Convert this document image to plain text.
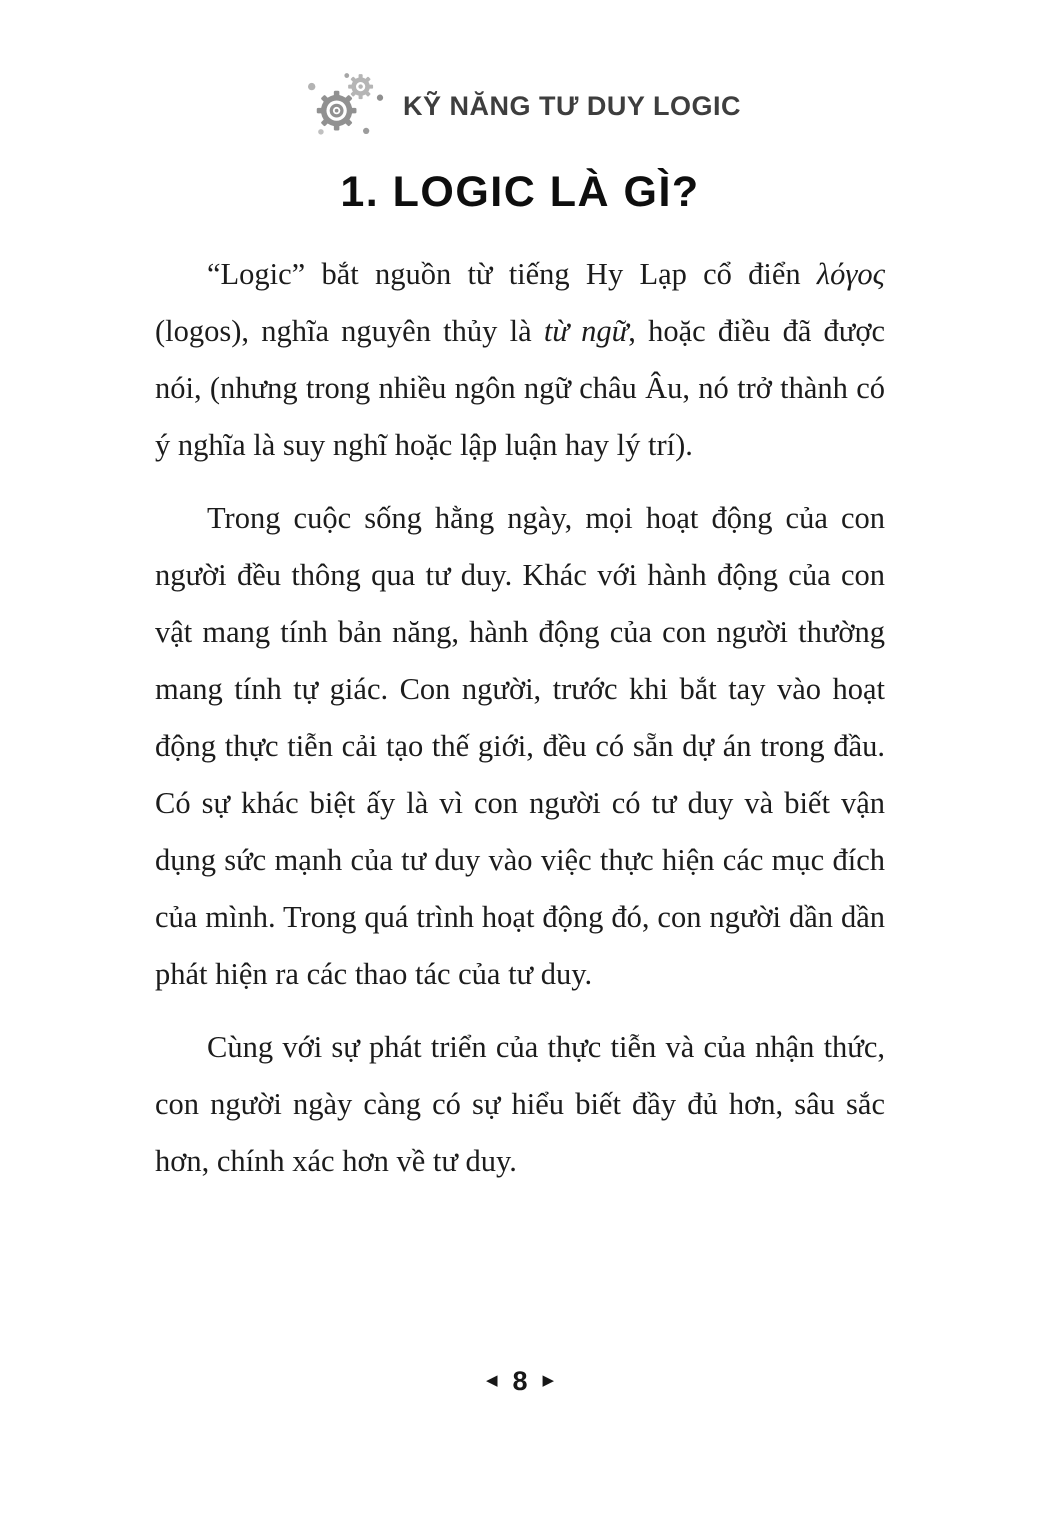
KỸ NĂNG TƯ DUY LOGIC
1. LOGIC LÀ GÌ?

“Logic” bắt nguồn từ tiếng Hy Lạp cổ điển λόγος (logos), nghĩa nguyên thủy là từ ngữ, hoặc điều đã được nói, (nhưng trong nhiều ngôn ngữ châu Âu, nó trở thành có ý nghĩa là suy nghĩ hoặc lập luận hay lý trí).

Trong cuộc sống hằng ngày, mọi hoạt động của con người đều thông qua tư duy. Khác với hành động của con vật mang tính bản năng, hành động của con người thường mang tính tự giác. Con người, trước khi bắt tay vào hoạt động thực tiễn cải tạo thế giới, đều có sẵn dự án trong đầu. Có sự khác biệt ấy là vì con người có tư duy và biết vận dụng sức mạnh của tư duy vào việc thực hiện các mục đích của mình. Trong quá trình hoạt động đó, con người dần dần phát hiện ra các thao tác của tư duy.

Cùng với sự phát triển của thực tiễn và của nhận thức, con người ngày càng có sự hiểu biết đầy đủ hơn, sâu sắc hơn, chính xác hơn về tư duy.

◀ 8 ▶
